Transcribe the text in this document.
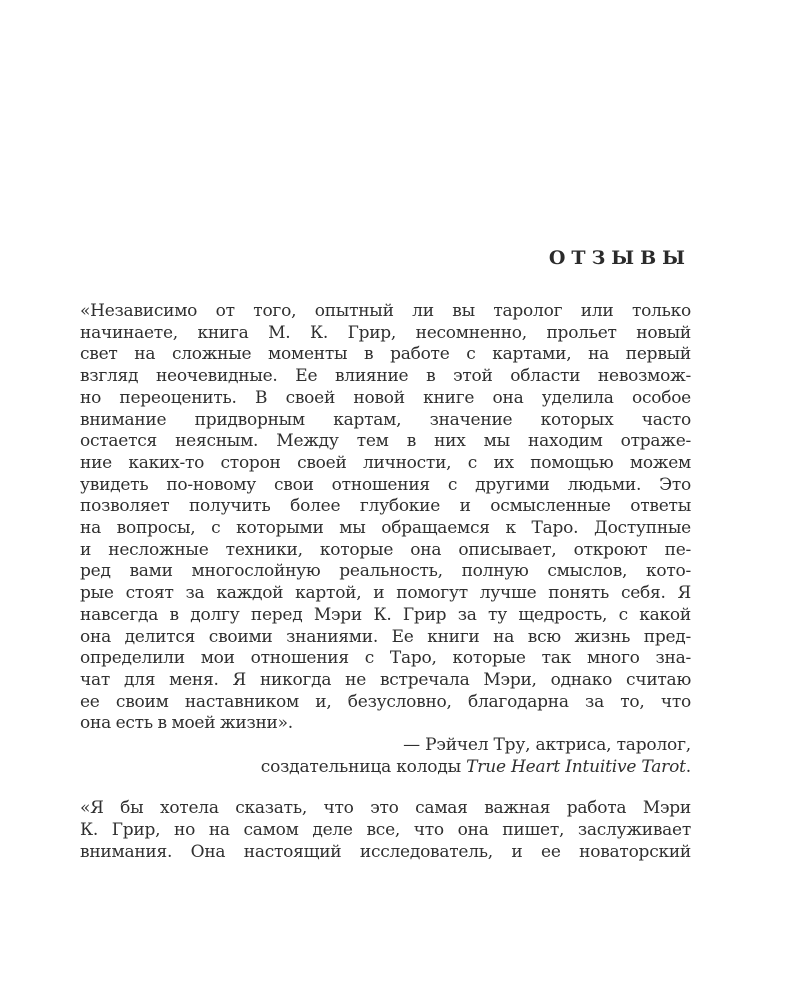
ОТЗЫВЫ

«Независимо от того, опытный ли вы таролог или только
начинаете, книга М. К. Грир, несомненно, прольет новый
свет на сложные моменты в работе с картами, на первый
взгляд неочевидные. Ее влияние в этой области невозмож-
но переоценить. В своей новой книге она уделила особое
внимание придворным картам, значение которых часто
остается неясным. Между тем в них мы находим отраже-
ние каких-то сторон своей личности, с их помощью можем
увидеть по-новому свои отношения с другими людьми. Это
позволяет получить более глубокие и осмысленные ответы
на вопросы, с которыми мы обращаемся к Таро. Доступные
и несложные техники, которые она описывает, откроют пе-
ред вами многослойную реальность, полную смыслов, кото-
рые стоят за каждой картой, и помогут лучше понять себя. Я
навсегда в долгу перед Мэри К. Грир за ту щедрость, с какой
она делится своими знаниями. Ее книги на всю жизнь пред-
определили мои отношения с Таро, которые так много зна-
чат для меня. Я никогда не встречала Мэри, однако считаю
ее своим наставником и, безусловно, благодарна за то, что
она есть в моей жизни».

— Рэйчел Тру, актриса, таролог,
создательница колоды True Heart Intuitive Tarot.

«Я бы хотела сказать, что это самая важная работа Мэри
К. Грир, но на самом деле все, что она пишет, заслуживает
внимания. Она настоящий исследователь, и ее новаторский
